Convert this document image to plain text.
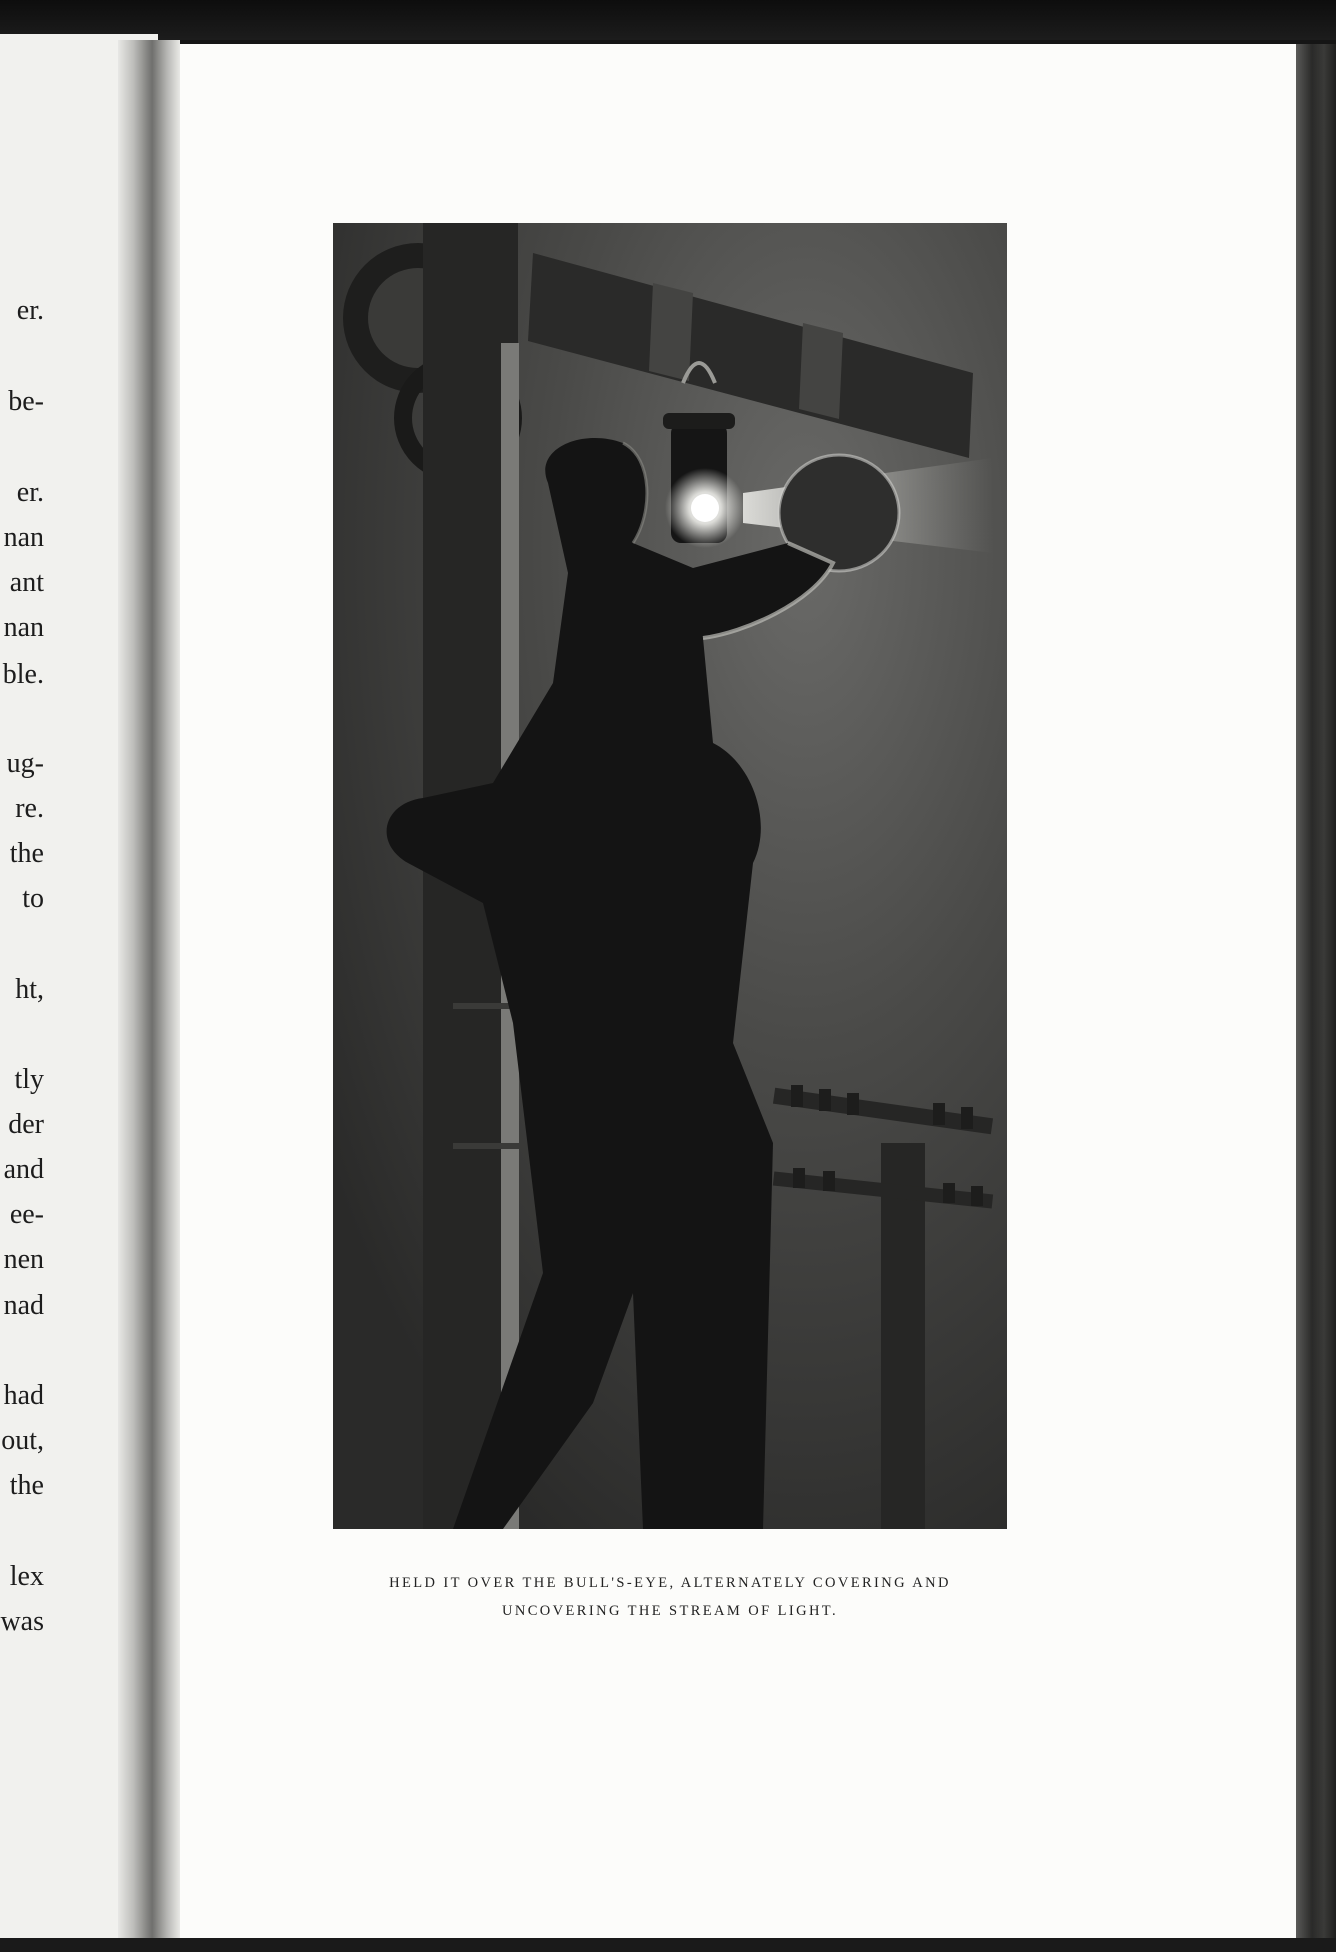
er.
be-
er.
nan
ant
nan
ble.
ug-
re.
the
to
ht,
tly
der
and
ee-
nen
nad
had
out,
the
lex
was
HELD IT OVER THE BULL'S-EYE, ALTERNATELY COVERING AND
UNCOVERING THE STREAM OF LIGHT.
